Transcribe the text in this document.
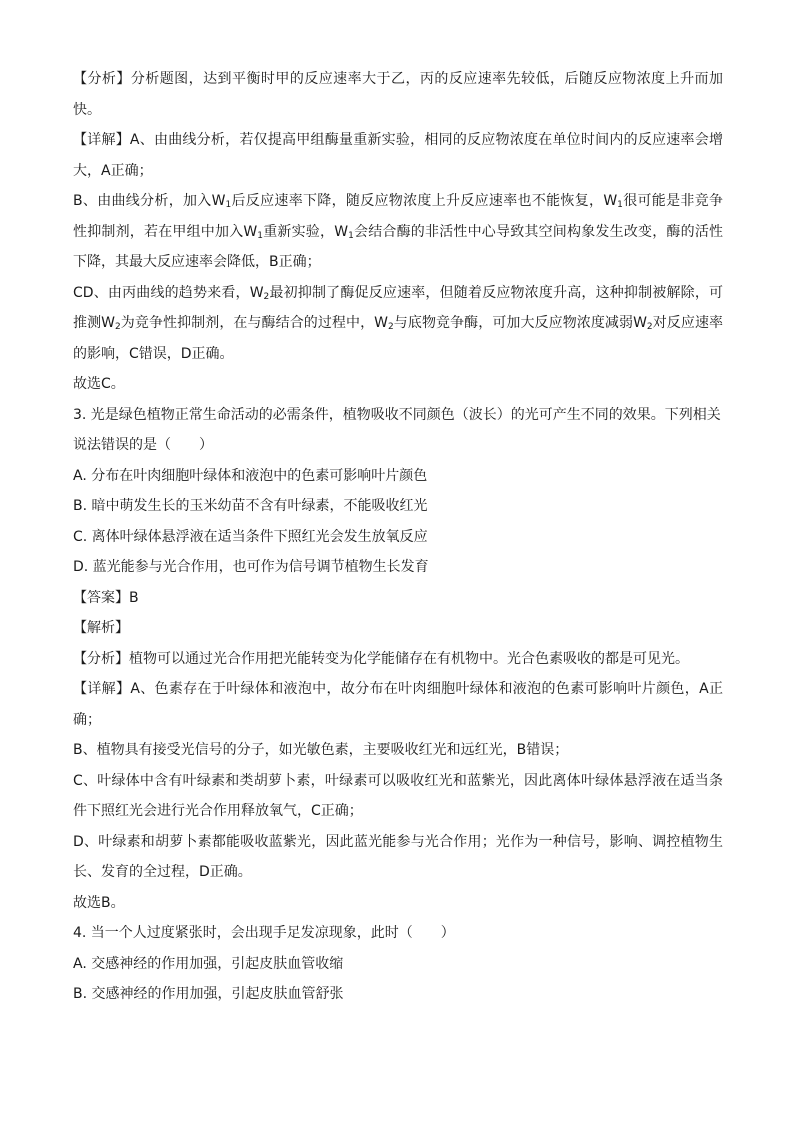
【分析】分析题图，达到平衡时甲的反应速率大于乙，丙的反应速率先较低，后随反应物浓度上升而加快。

【详解】A、由曲线分析，若仅提高甲组酶量重新实验，相同的反应物浓度在单位时间内的反应速率会增大，A正确；

B、由曲线分析，加入$W_1$后反应速率下降，随反应物浓度上升反应速率也不能恢复，$W_1$很可能是非竞争性抑制剂，若在甲组中加入$W_1$重新实验，$W_1$会结合酶的非活性中心导致其空间构象发生改变，酶的活性下降，其最大反应速率会降低，B正确；

CD、由丙曲线的趋势来看，$W_2$最初抑制了酶促反应速率，但随着反应物浓度升高，这种抑制被解除，可推测$W_2$为竞争性抑制剂，在与酶结合的过程中，$W_2$与底物竞争酶，可加大反应物浓度减弱$W_2$对反应速率的影响，C错误，D正确。

故选C。

3. 光是绿色植物正常生命活动的必需条件，植物吸收不同颜色（波长）的光可产生不同的效果。下列相关说法错误的是（　　）

A. 分布在叶肉细胞叶绿体和液泡中的色素可影响叶片颜色

B. 暗中萌发生长的玉米幼苗不含有叶绿素，不能吸收红光

C. 离体叶绿体悬浮液在适当条件下照红光会发生放氧反应

D. 蓝光能参与光合作用，也可作为信号调节植物生长发育

【答案】B

【解析】

【分析】植物可以通过光合作用把光能转变为化学能储存在有机物中。光合色素吸收的都是可见光。

【详解】A、色素存在于叶绿体和液泡中，故分布在叶肉细胞叶绿体和液泡的色素可影响叶片颜色，A正确；

B、植物具有接受光信号的分子，如光敏色素，主要吸收红光和远红光，B错误；

C、叶绿体中含有叶绿素和类胡萝卜素，叶绿素可以吸收红光和蓝紫光，因此离体叶绿体悬浮液在适当条件下照红光会进行光合作用释放氧气，C正确；

D、叶绿素和胡萝卜素都能吸收蓝紫光，因此蓝光能参与光合作用；光作为一种信号，影响、调控植物生长、发育的全过程，D正确。

故选B。

4. 当一个人过度紧张时，会出现手足发凉现象，此时（　　）

A. 交感神经的作用加强，引起皮肤血管收缩

B. 交感神经的作用加强，引起皮肤血管舒张
